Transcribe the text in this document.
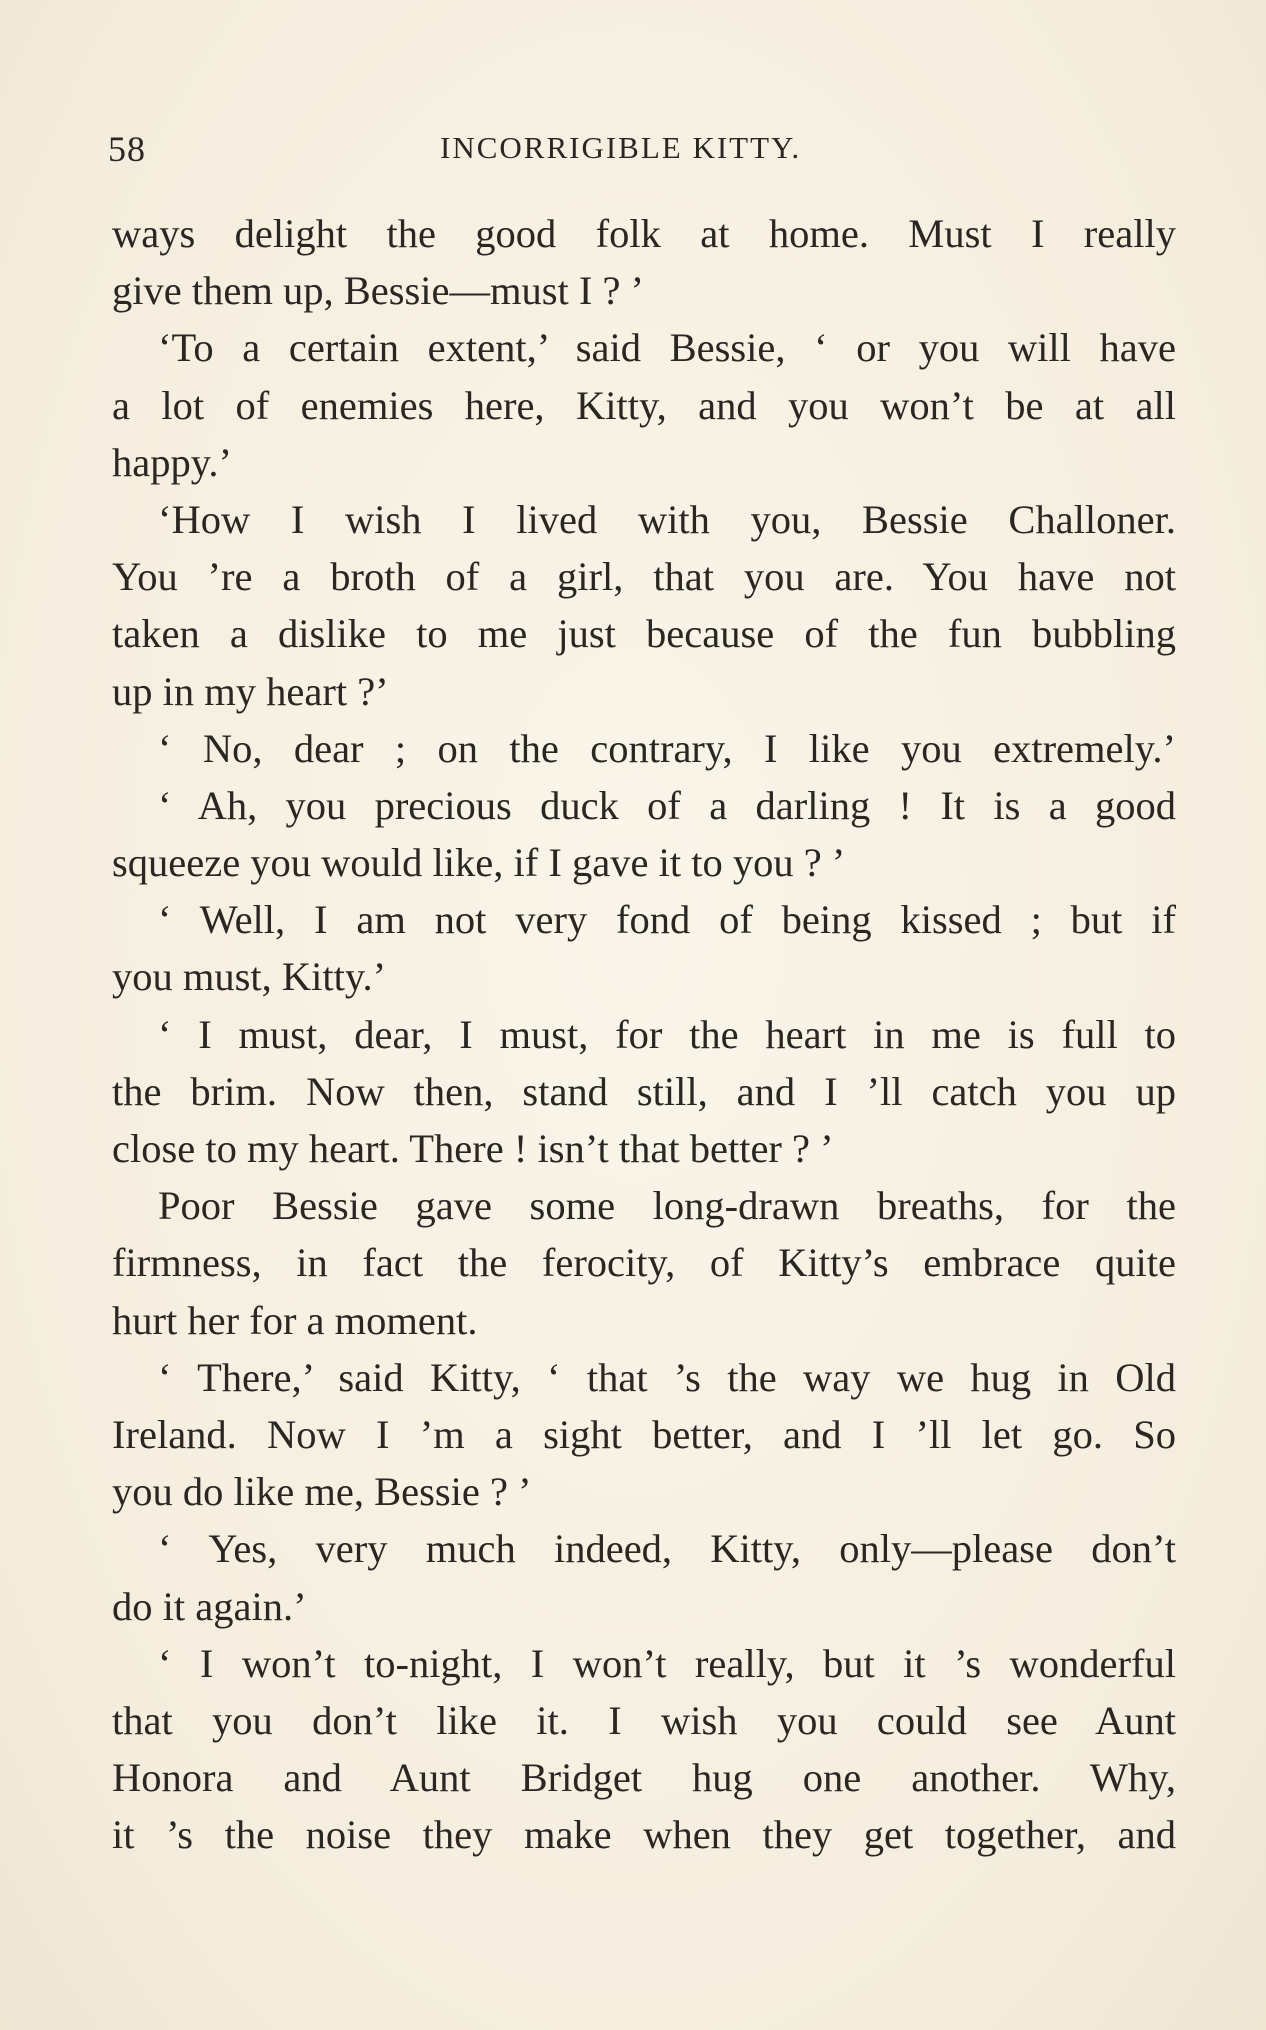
58	INCORRIGIBLE KITTY.
ways delight the good folk at home. Must I really
give them up, Bessie—must I ? ’
‘To a certain extent,’ said Bessie, ‘ or you will have
a lot of enemies here, Kitty, and you won’t be at all
happy.’
‘How I wish I lived with you, Bessie Challoner.
You ’re a broth of a girl, that you are. You have not
taken a dislike to me just because of the fun bubbling
up in my heart ?’
‘ No, dear ; on the contrary, I like you extremely.’
‘ Ah, you precious duck of a darling ! It is a good
squeeze you would like, if I gave it to you ? ’
‘ Well, I am not very fond of being kissed ; but if
you must, Kitty.’
‘ I must, dear, I must, for the heart in me is full to
the brim. Now then, stand still, and I ’ll catch you up
close to my heart. There ! isn’t that better ? ’
Poor Bessie gave some long-drawn breaths, for the
firmness, in fact the ferocity, of Kitty’s embrace quite
hurt her for a moment.
‘ There,’ said Kitty, ‘ that ’s the way we hug in Old
Ireland. Now I ’m a sight better, and I ’ll let go. So
you do like me, Bessie ? ’
‘ Yes, very much indeed, Kitty, only—please don’t
do it again.’
‘ I won’t to-night, I won’t really, but it ’s wonderful
that you don’t like it. I wish you could see Aunt
Honora and Aunt Bridget hug one another. Why,
it ’s the noise they make when they get together, and
